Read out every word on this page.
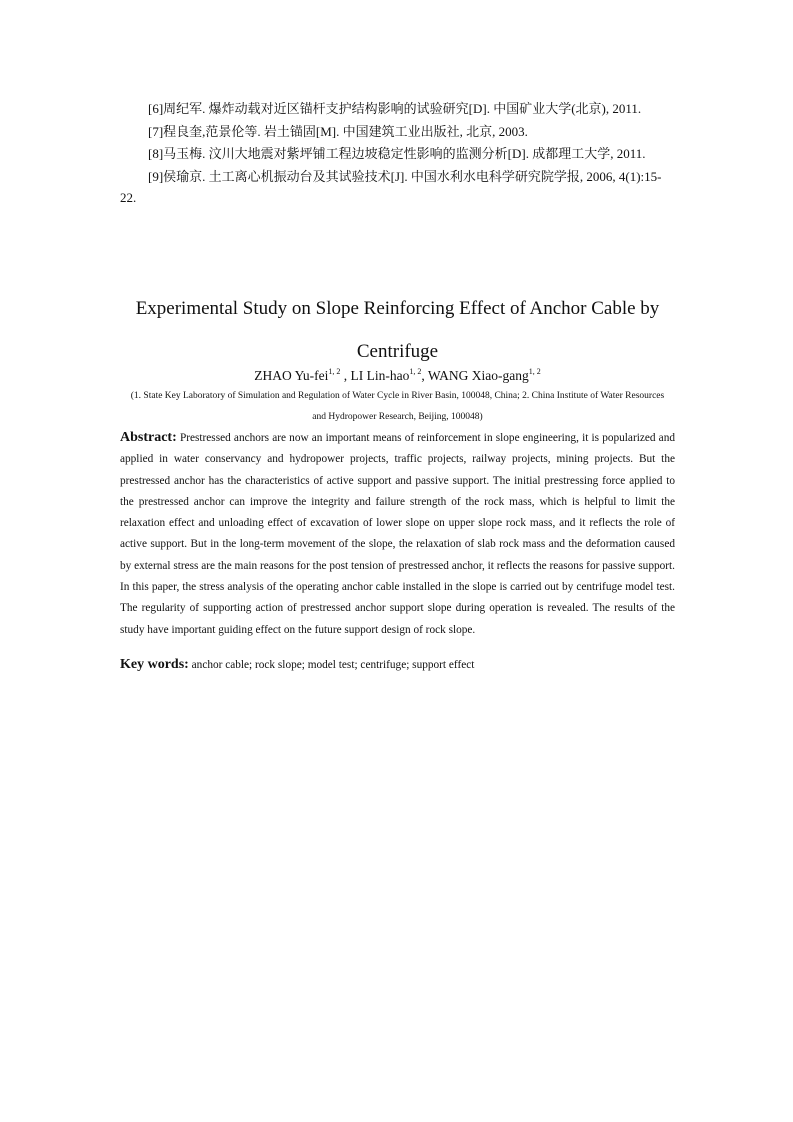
[6]周纪军. 爆炸动载对近区锚杆支护结构影响的试验研究[D]. 中国矿业大学(北京), 2011.

[7]程良奎,范景伦等. 岩土锚固[M]. 中国建筑工业出版社, 北京, 2003.

[8]马玉梅. 汶川大地震对紫坪铺工程边坡稳定性影响的监测分析[D]. 成都理工大学, 2011.

[9]侯瑜京. 土工离心机振动台及其试验技术[J]. 中国水利水电科学研究院学报, 2006, 4(1):15-22.

Experimental Study on Slope Reinforcing Effect of Anchor Cable by Centrifuge
ZHAO Yu-fei$^{1, 2}$ , LI Lin-hao$^{1, 2}$, WANG Xiao-gang$^{1, 2}$
(1. State Key Laboratory of Simulation and Regulation of Water Cycle in River Basin, 100048, China; 2. China Institute of Water Resources and Hydropower Research, Beijing, 100048)
Abstract: Prestressed anchors are now an important means of reinforcement in slope engineering, it is popularized and applied in water conservancy and hydropower projects, traffic projects, railway projects, mining projects. But the prestressed anchor has the characteristics of active support and passive support. The initial prestressing force applied to the prestressed anchor can improve the integrity and failure strength of the rock mass, which is helpful to limit the relaxation effect and unloading effect of excavation of lower slope on upper slope rock mass, and it reflects the role of active support. But in the long-term movement of the slope, the relaxation of slab rock mass and the deformation caused by external stress are the main reasons for the post tension of prestressed anchor, it reflects the reasons for passive support. In this paper, the stress analysis of the operating anchor cable installed in the slope is carried out by centrifuge model test. The regularity of supporting action of prestressed anchor support slope during operation is revealed. The results of the study have important guiding effect on the future support design of rock slope.
Key words: anchor cable; rock slope; model test; centrifuge; support effect
